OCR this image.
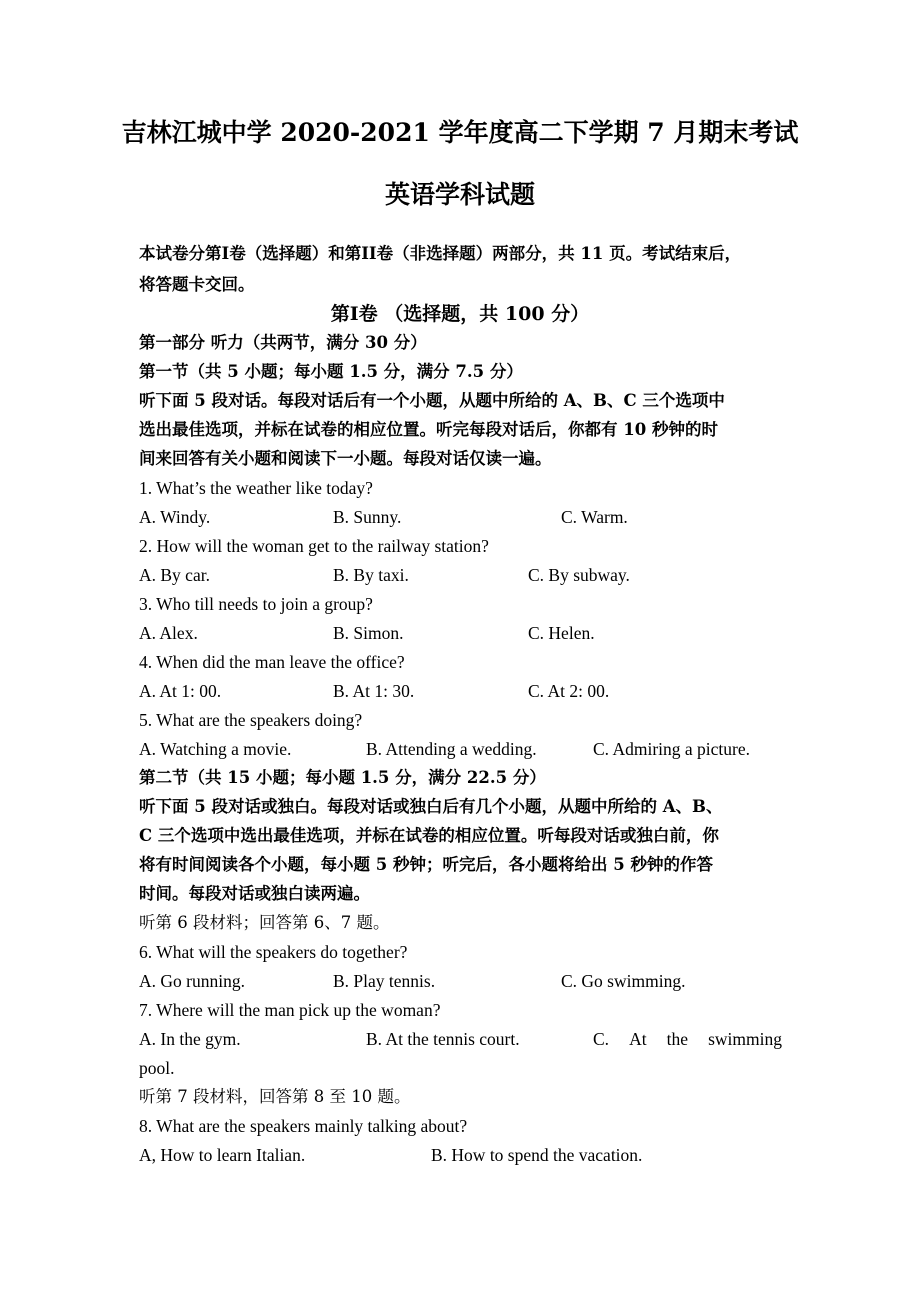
吉林江城中学 2020-2021 学年度高二下学期 7 月期末考试
英语学科试题
本试卷分第I卷（选择题）和第II卷（非选择题）两部分，共 11 页。考试结束后，
将答题卡交回。
第I卷 （选择题，共 100 分）
第一部分 听力（共两节，满分 30 分）
第一节（共 5 小题；每小题 1.5 分，满分 7.5 分）
听下面 5 段对话。每段对话后有一个小题，从题中所给的 A、B、C 三个选项中
选出最佳选项，并标在试卷的相应位置。听完每段对话后，你都有 10 秒钟的时
间来回答有关小题和阅读下一小题。每段对话仅读一遍。
1. What’s the weather like today?
A. Windy.	B. Sunny.	C. Warm.
2. How will the woman get to the railway station?
A. By car.	B. By taxi.	C. By subway.
3. Who till needs to join a group?
A. Alex.	B. Simon.	C. Helen.
4. When did the man leave the office?
A. At 1: 00.	B. At 1: 30.	C. At 2: 00.
5. What are the speakers doing?
A. Watching a movie.	B. Attending a wedding.	C. Admiring a picture.
第二节（共 15 小题；每小题 1.5 分，满分 22.5 分）
听下面 5 段对话或独白。每段对话或独白后有几个小题，从题中所给的 A、B、
C 三个选项中选出最佳选项，并标在试卷的相应位置。听每段对话或独白前，你
将有时间阅读各个小题，每小题 5 秒钟；听完后，各小题将给出 5 秒钟的作答
时间。每段对话或独白读两遍。
听第 6 段材料；回答第 6、7 题。
6. What will the speakers do together?
A. Go running.	B. Play tennis.	C. Go swimming.
7. Where will the man pick up the woman?
A. In the gym.	B. At the tennis court.	C. At the swimming
pool.
听第 7 段材料，回答第 8 至 10 题。
8. What are the speakers mainly talking about?
A, How to learn Italian.	B. How to spend the vacation.
